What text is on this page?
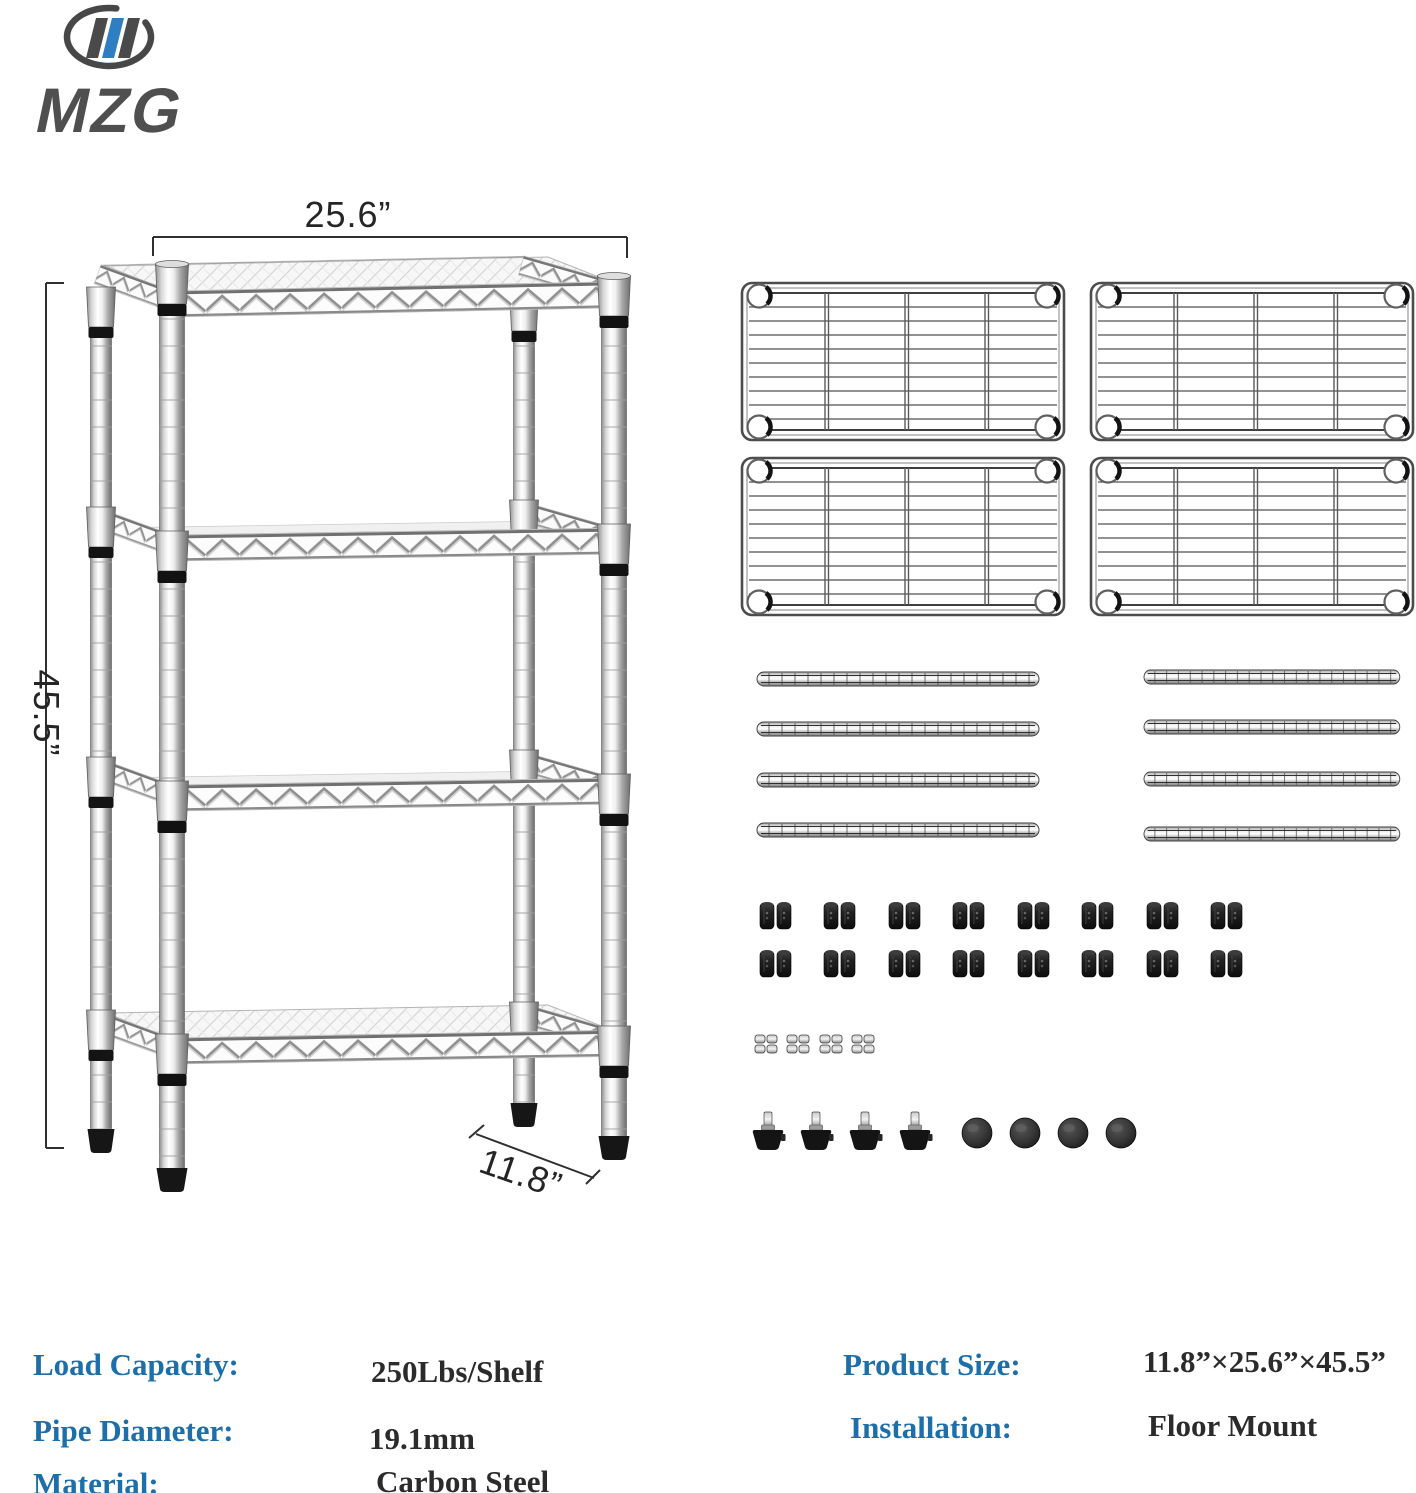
MZG
25.6”
45.5”
11.8”
Load Capacity:	250Lbs/Shelf
Pipe Diameter:	19.1mm
Material:	Carbon Steel
Product Size:	11.8”×25.6”×45.5”
Installation:	Floor Mount
